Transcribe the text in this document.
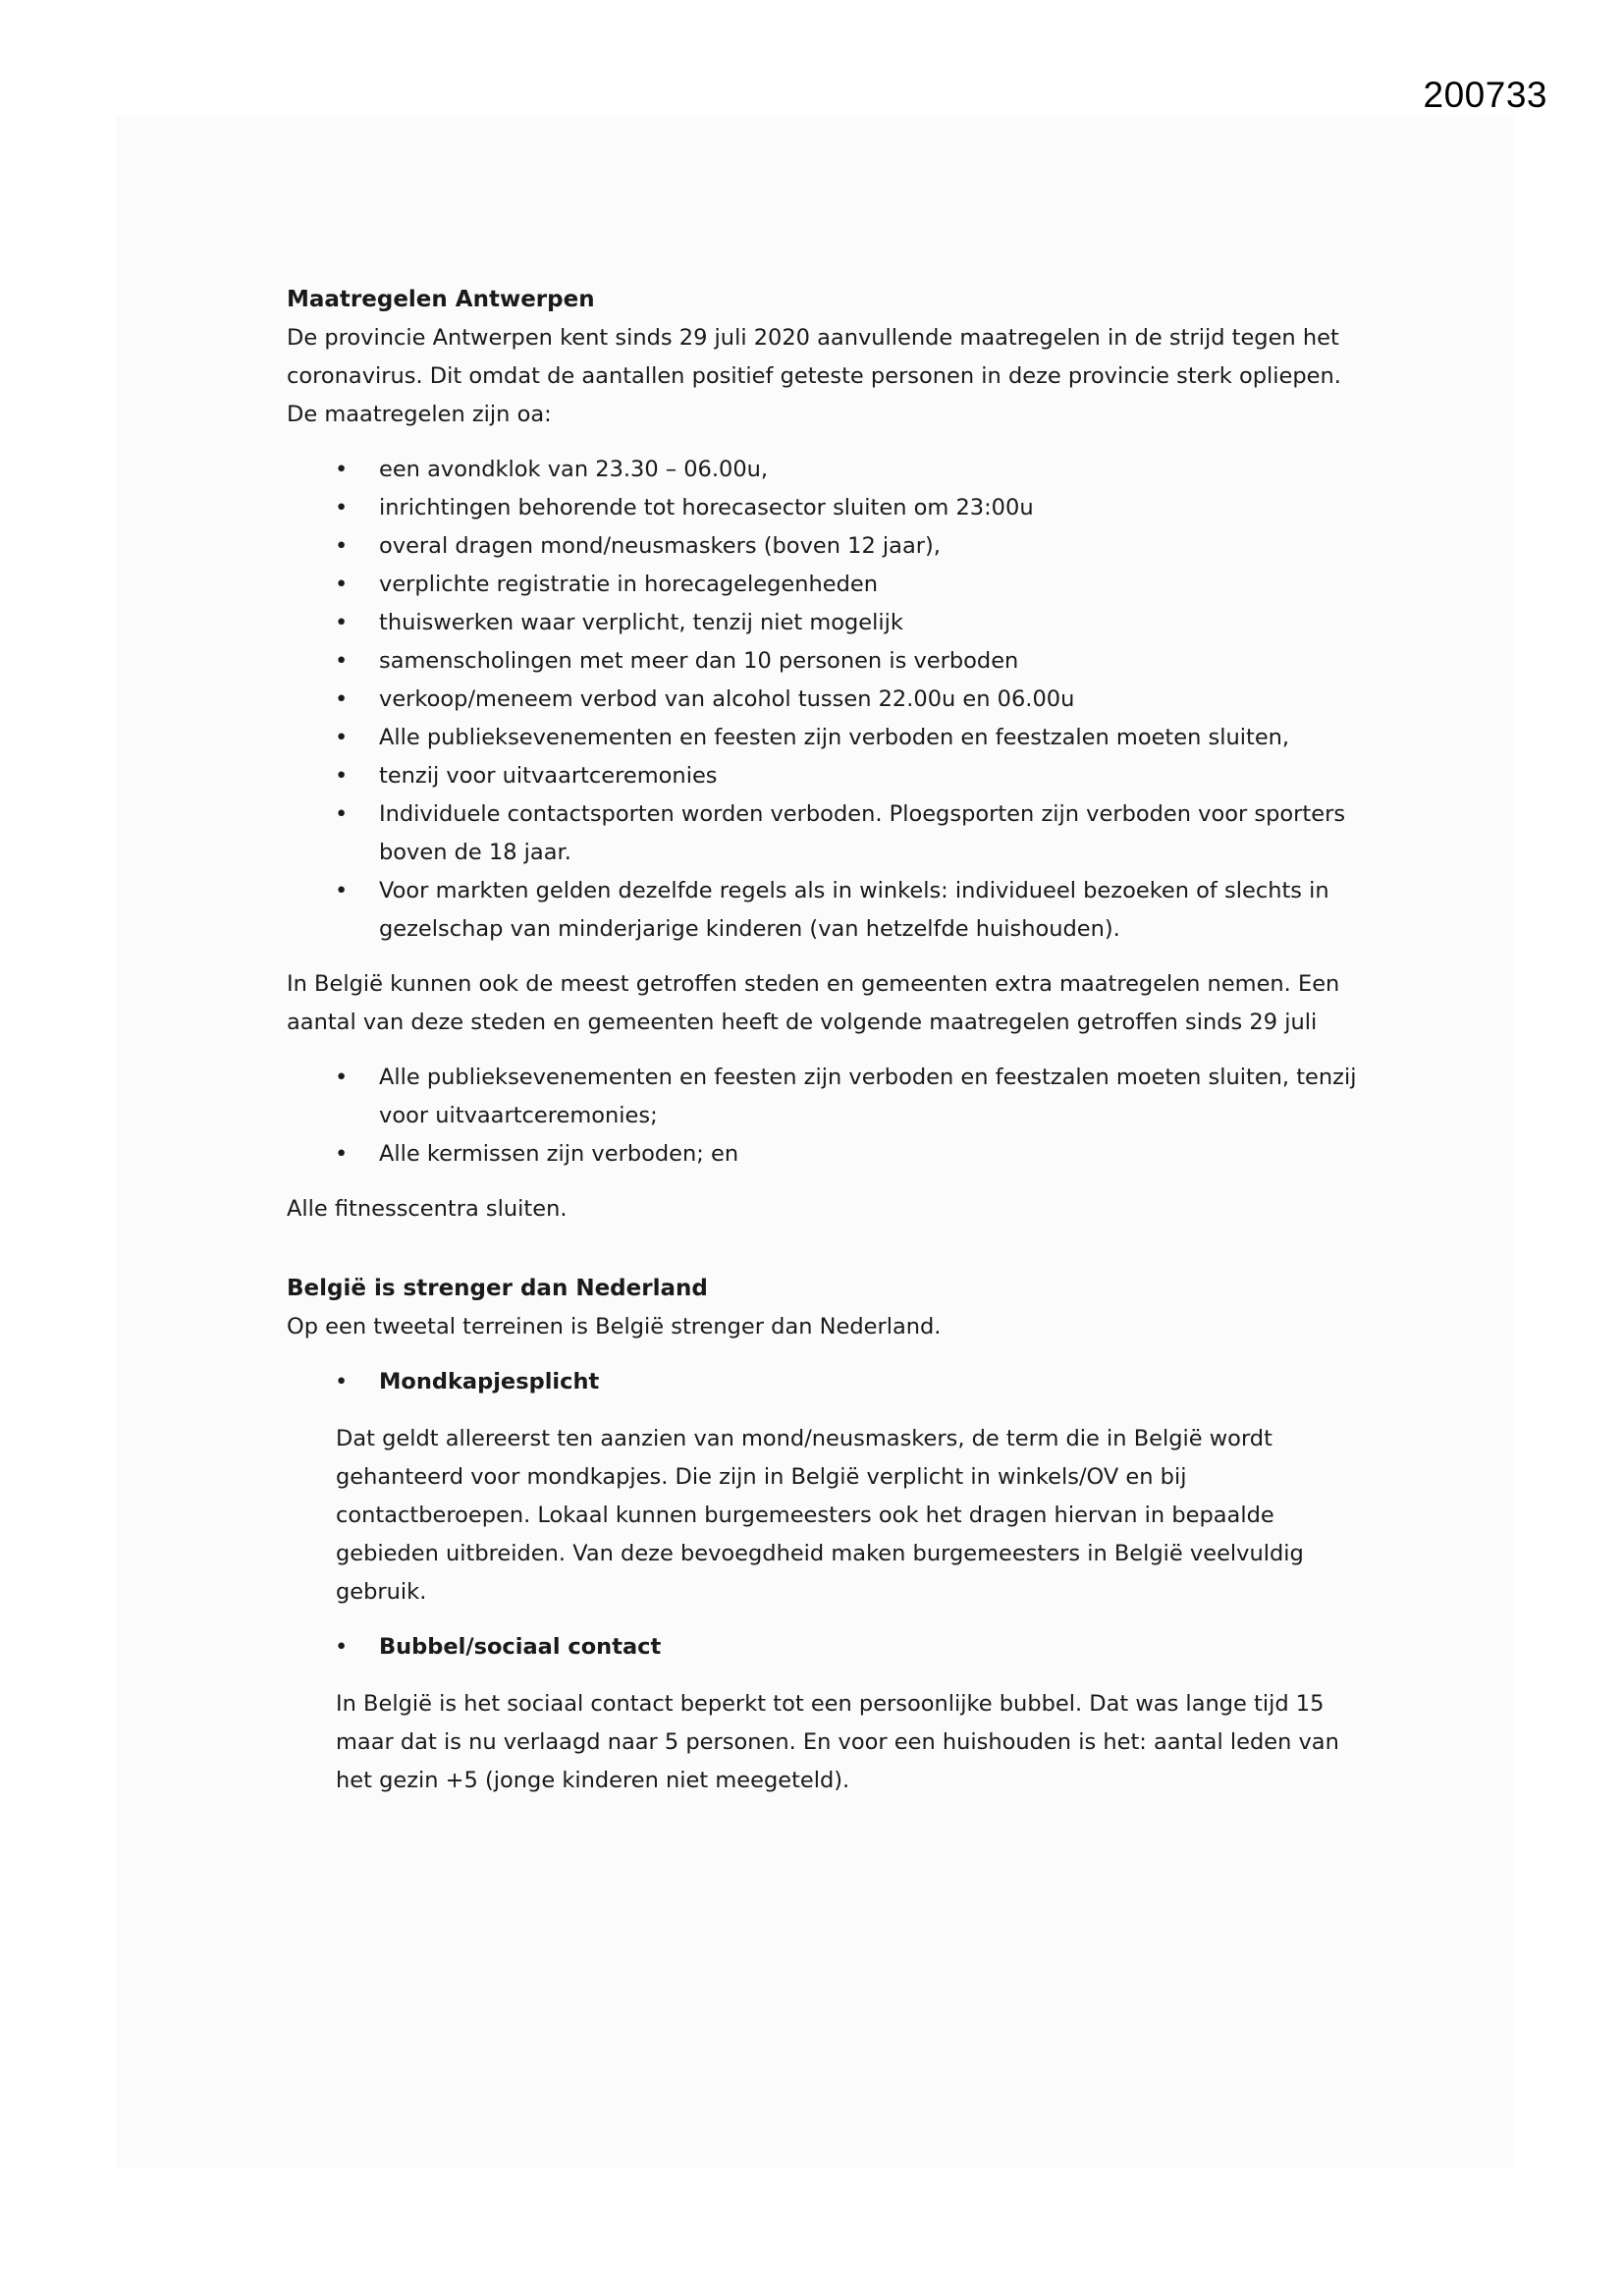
200733

Maatregelen Antwerpen

De provincie Antwerpen kent sinds 29 juli 2020 aanvullende maatregelen in de strijd tegen het coronavirus. Dit omdat de aantallen positief geteste personen in deze provincie sterk opliepen. De maatregelen zijn oa:

• een avondklok van 23.30 – 06.00u,
• inrichtingen behorende tot horecasector sluiten om 23:00u
• overal dragen mond/neusmaskers (boven 12 jaar),
• verplichte registratie in horecagelegenheden
• thuiswerken waar verplicht, tenzij niet mogelijk
• samenscholingen met meer dan 10 personen is verboden
• verkoop/meneem verbod van alcohol tussen 22.00u en 06.00u
• Alle publieksevenementen en feesten zijn verboden en feestzalen moeten sluiten,
• tenzij voor uitvaartceremonies
• Individuele contactsporten worden verboden. Ploegsporten zijn verboden voor sporters boven de 18 jaar.
• Voor markten gelden dezelfde regels als in winkels: individueel bezoeken of slechts in gezelschap van minderjarige kinderen (van hetzelfde huishouden).

In België kunnen ook de meest getroffen steden en gemeenten extra maatregelen nemen. Een aantal van deze steden en gemeenten heeft de volgende maatregelen getroffen sinds 29 juli

• Alle publieksevenementen en feesten zijn verboden en feestzalen moeten sluiten, tenzij voor uitvaartceremonies;
• Alle kermissen zijn verboden; en

Alle fitnesscentra sluiten.

België is strenger dan Nederland

Op een tweetal terreinen is België strenger dan Nederland.

• Mondkapjesplicht

Dat geldt allereerst ten aanzien van mond/neusmaskers, de term die in België wordt gehanteerd voor mondkapjes. Die zijn in België verplicht in winkels/OV en bij contactberoepen. Lokaal kunnen burgemeesters ook het dragen hiervan in bepaalde gebieden uitbreiden. Van deze bevoegdheid maken burgemeesters in België veelvuldig gebruik.

• Bubbel/sociaal contact

In België is het sociaal contact beperkt tot een persoonlijke bubbel. Dat was lange tijd 15 maar dat is nu verlaagd naar 5 personen. En voor een huishouden is het: aantal leden van het gezin +5 (jonge kinderen niet meegeteld).
